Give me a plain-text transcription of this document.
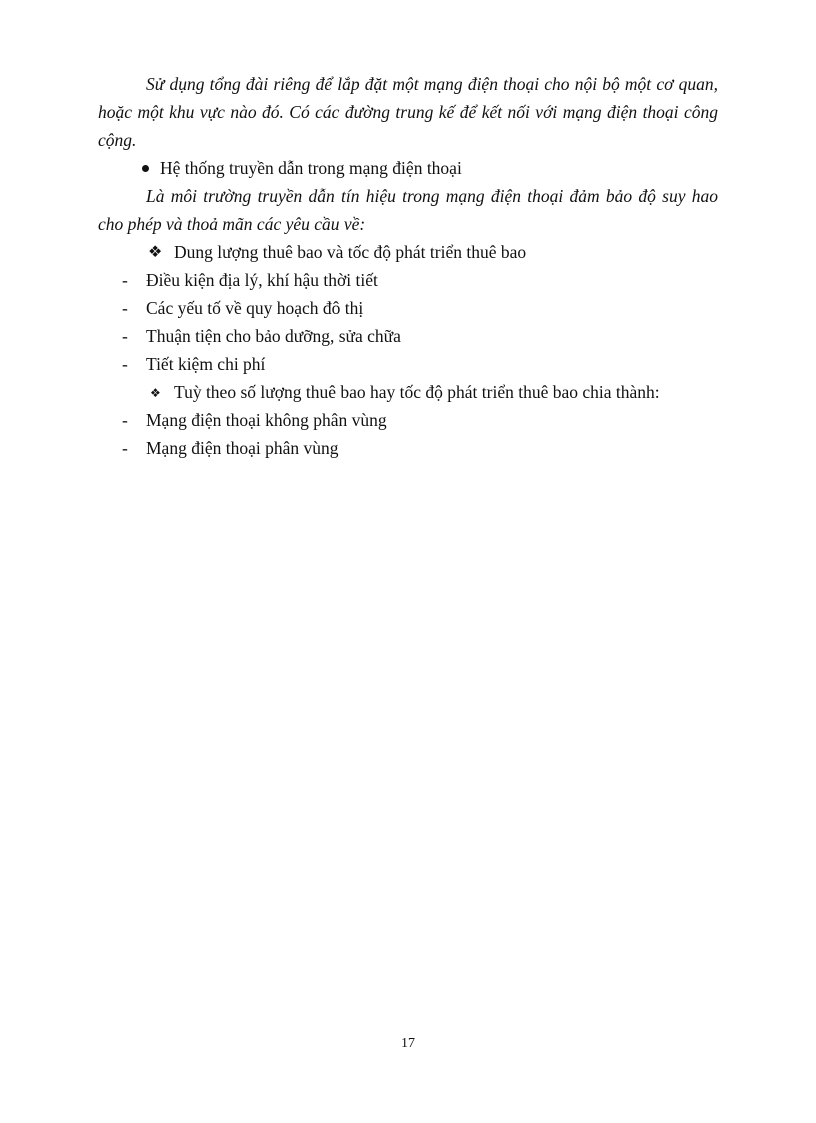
Sử dụng tổng đài riêng để lắp đặt một mạng điện thoại cho nội bộ một cơ quan, hoặc một khu vực nào đó. Có các đường trung kế để kết nối với mạng điện thoại công cộng.

Hệ thống truyền dẫn trong mạng điện thoại

Là môi trường truyền dẫn tín hiệu trong mạng điện thoại đảm bảo độ suy hao cho phép và thoả mãn các yêu cầu về:

❖ Dung lượng thuê bao và tốc độ phát triển thuê bao

- Điều kiện địa lý, khí hậu thời tiết

- Các yếu tố về quy hoạch đô thị

- Thuận tiện cho bảo dưỡng, sửa chữa

- Tiết kiệm chi phí

❖ Tuỳ theo số lượng thuê bao hay tốc độ phát triển thuê bao chia thành:

- Mạng điện thoại không phân vùng

- Mạng điện thoại phân vùng

17
